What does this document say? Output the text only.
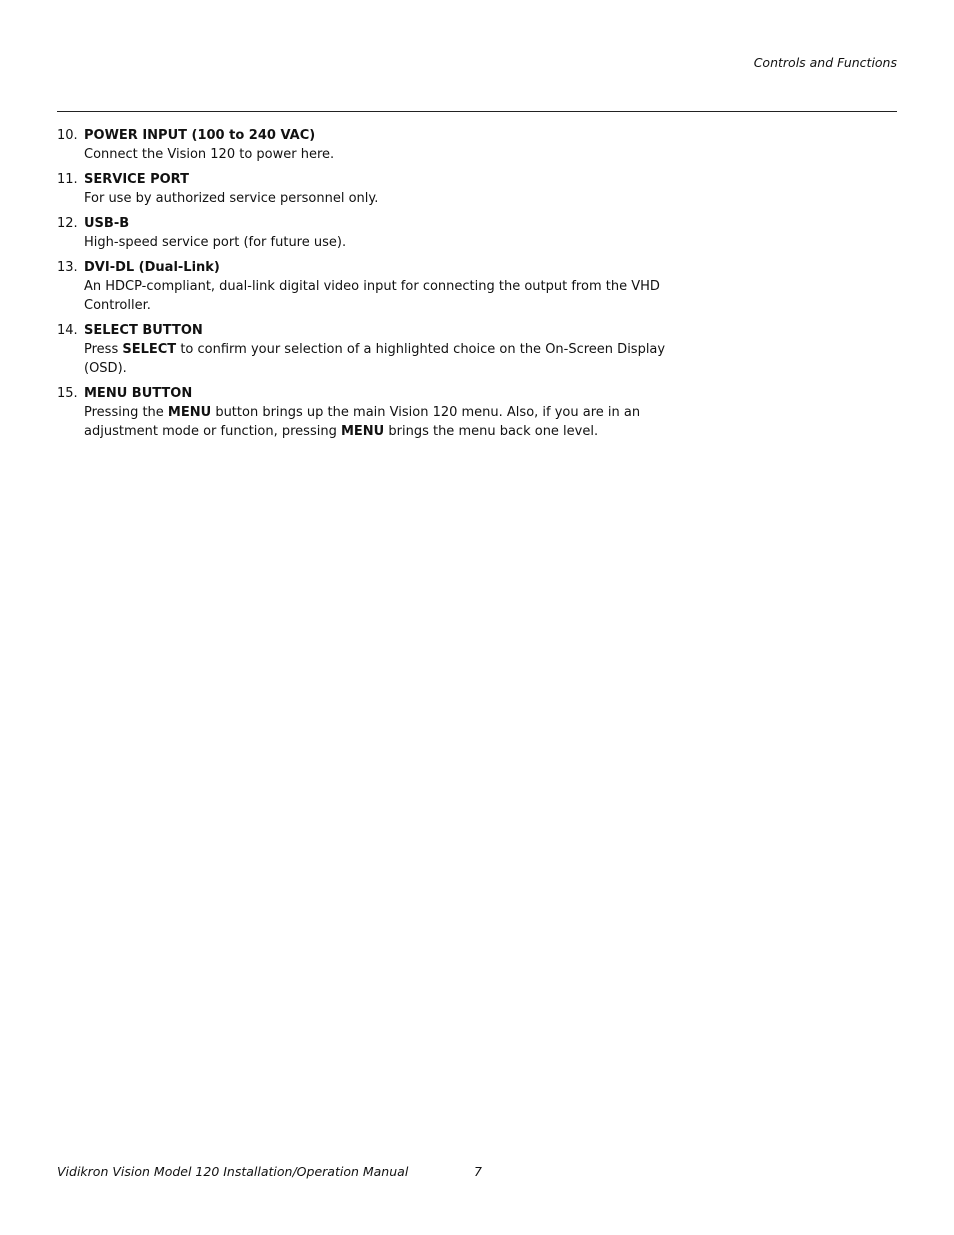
Controls and Functions
10. POWER INPUT (100 to 240 VAC)
Connect the Vision 120 to power here.
11. SERVICE PORT
For use by authorized service personnel only.
12. USB-B
High-speed service port (for future use).
13. DVI-DL (Dual-Link)
An HDCP-compliant, dual-link digital video input for connecting the output from the VHD Controller.
14. SELECT BUTTON
Press SELECT to confirm your selection of a highlighted choice on the On-Screen Display (OSD).
15. MENU BUTTON
Pressing the MENU button brings up the main Vision 120 menu. Also, if you are in an adjustment mode or function, pressing MENU brings the menu back one level.
Vidikron Vision Model 120 Installation/Operation Manual	7
